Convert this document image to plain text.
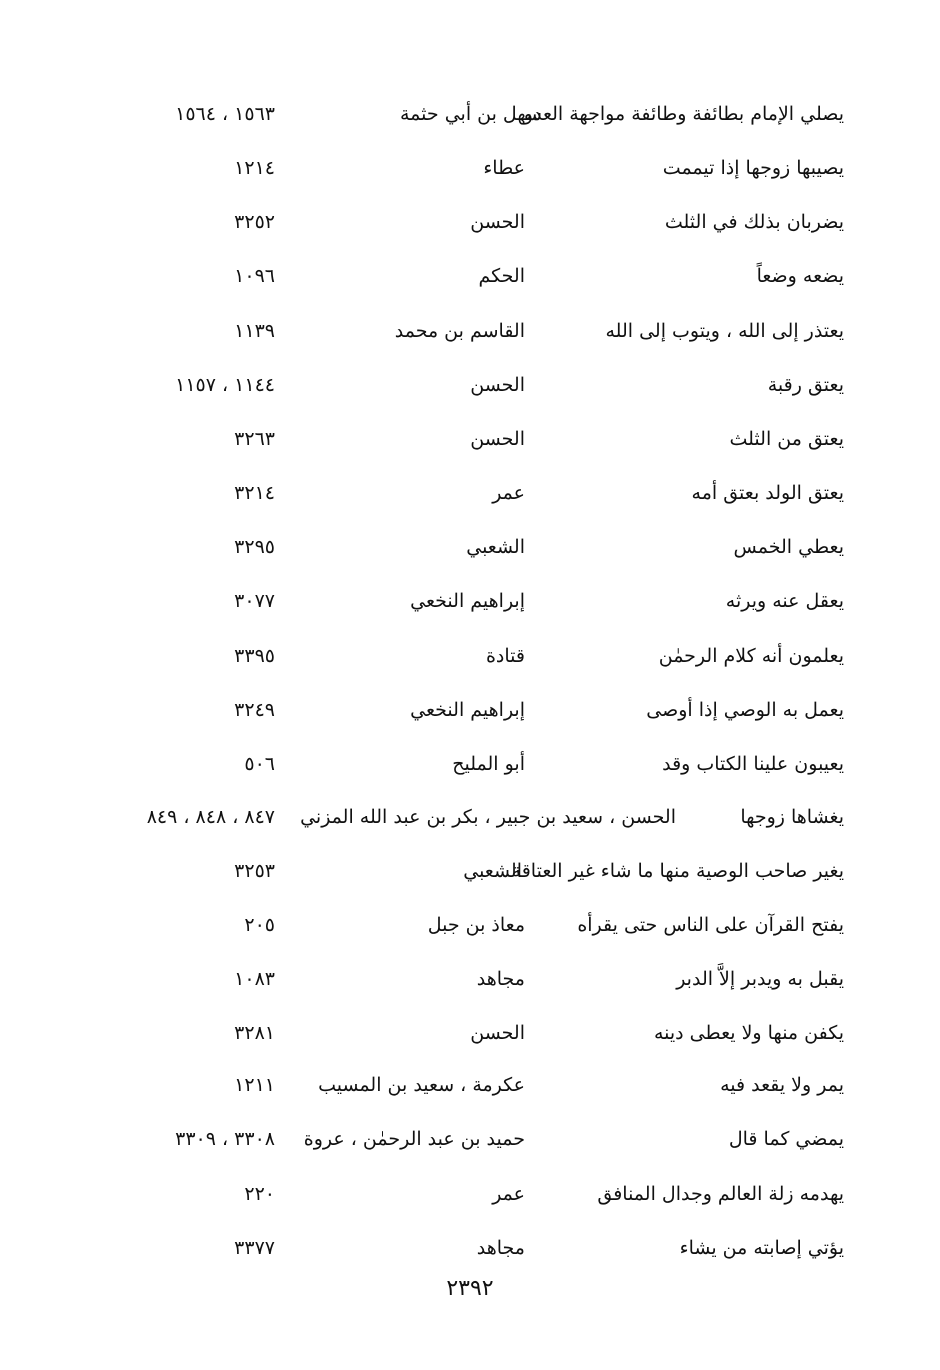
يصلي الإمام بطائفة وطائفة مواجهة العدو
سهل بن أبي حثمة
١٥٦٣ ، ١٥٦٤
يصيبها زوجها إذا تيممت
عطاء
١٢١٤
يضربان بذلك في الثلث
الحسن
٣٢٥٢
يضعه وضعاً
الحكم
١٠٩٦
يعتذر إلى الله ، ويتوب إلى الله
القاسم بن محمد
١١٣٩
يعتق رقبة
الحسن
١١٤٤ ، ١١٥٧
يعتق من الثلث
الحسن
٣٢٦٣
يعتق الولد بعتق أمه
عمر
٣٢١٤
يعطي الخمس
الشعبي
٣٢٩٥
يعقل عنه ويرثه
إبراهيم النخعي
٣٠٧٧
يعلمون أنه كلام الرحمٰن
قتادة
٣٣٩٥
يعمل به الوصي إذا أوصى
إبراهيم النخعي
٣٢٤٩
يعيبون علينا الكتاب وقد
أبو المليح
٥٠٦
يغشاها زوجها
الحسن ، سعيد بن جبير ، بكر بن عبد الله المزني
٨٤٧ ، ٨٤٨ ، ٨٤٩
يغير صاحب الوصية منها ما شاء غير العتاقة
الشعبي
٣٢٥٣
يفتح القرآن على الناس حتى يقرأه
معاذ بن جبل
٢٠٥
يقبل به ويدبر إلاَّ الدبر
مجاهد
١٠٨٣
يكفن منها ولا يعطى دينه
الحسن
٣٢٨١
يمر ولا يقعد فيه
عكرمة ، سعيد بن المسيب
١٢١١
يمضي كما قال
حميد بن عبد الرحمٰن ، عروة
٣٣٠٨ ، ٣٣٠٩
يهدمه زلة العالم وجدال المنافق
عمر
٢٢٠
يؤتي إصابته من يشاء
مجاهد
٣٣٧٧
٢٣٩٢
